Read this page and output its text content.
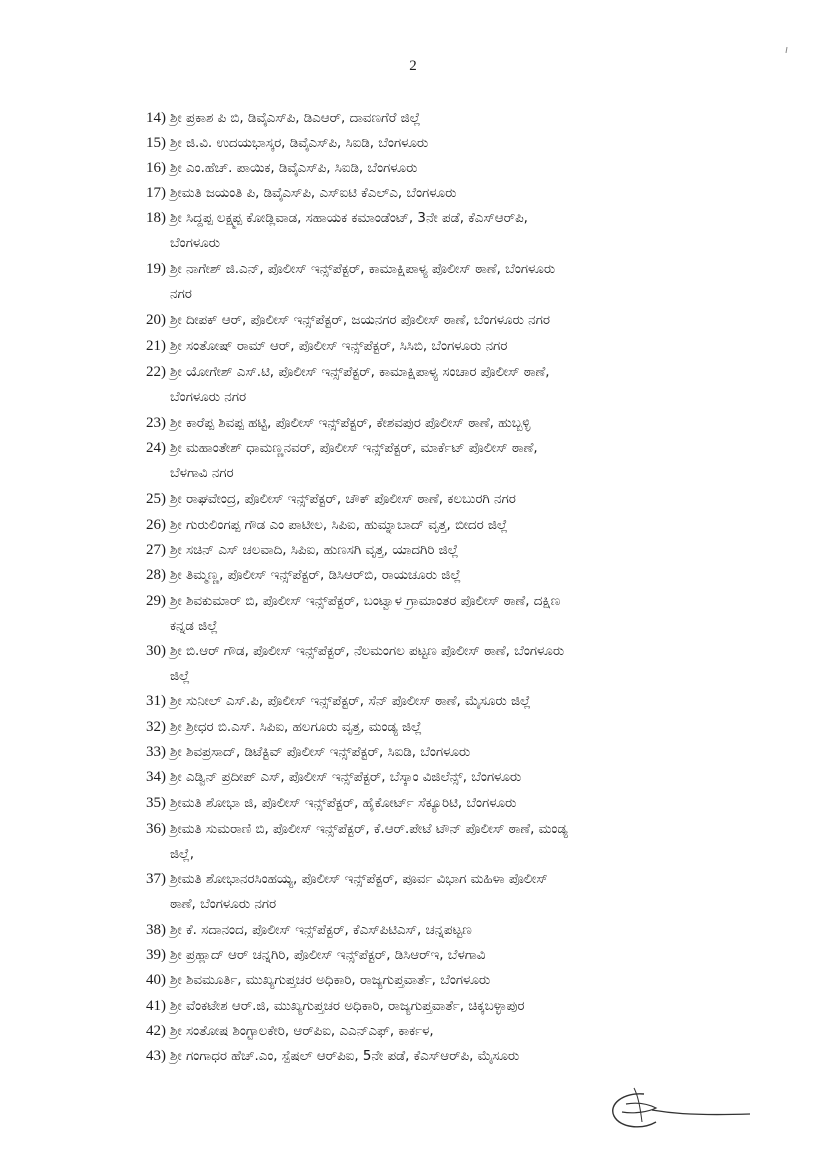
2
14) ಶ್ರೀ ಪ್ರಕಾಶ ಪಿ ಬಿ, ಡಿವೈಎಸ್‌ಪಿ, ಡಿಎಆರ್, ದಾವಣಗೆರೆ ಜಿಲ್ಲೆ
15) ಶ್ರೀ ಜಿ.ವಿ. ಉದಯಭಾಸ್ಕರ, ಡಿವೈಎಸ್‌ಪಿ, ಸಿಐಡಿ, ಬೆಂಗಳೂರು
16) ಶ್ರೀ ಎಂ.ಹೆಚ್. ಪಾಯಿಕ, ಡಿವೈಎಸ್‌ಪಿ, ಸಿಐಡಿ, ಬೆಂಗಳೂರು
17) ಶ್ರೀಮತಿ ಜಯಂತಿ ಪಿ, ಡಿವೈಎಸ್‌ಪಿ, ಎಸ್‌ಐಟಿ ಕೆಎಲ್‌ಎ, ಬೆಂಗಳೂರು
18) ಶ್ರೀ ಸಿದ್ದಪ್ಪ ಲಕ್ಷ್ಮಪ್ಪ ಕೋಡ್ಲಿವಾಡ, ಸಹಾಯಕ ಕಮಾಂಡೆಂಟ್, 3ನೇ ಪಡೆ, ಕೆಎಸ್‌ಆರ್‌ಪಿ,
ಬೆಂಗಳೂರು
19) ಶ್ರೀ ನಾಗೇಶ್ ಜಿ.ಎನ್, ಪೊಲೀಸ್ ಇನ್ಸ್‌ಪೆಕ್ಟರ್, ಕಾಮಾಕ್ಷಿಪಾಳ್ಯ ಪೊಲೀಸ್ ಠಾಣೆ, ಬೆಂಗಳೂರು
ನಗರ
20) ಶ್ರೀ ದೀಪಕ್ ಆರ್, ಪೊಲೀಸ್ ಇನ್ಸ್‌ಪೆಕ್ಟರ್, ಜಯನಗರ ಪೊಲೀಸ್ ಠಾಣೆ, ಬೆಂಗಳೂರು ನಗರ
21) ಶ್ರೀ ಸಂತೋಷ್ ರಾಮ್ ಆರ್, ಪೊಲೀಸ್ ಇನ್ಸ್‌ಪೆಕ್ಟರ್, ಸಿಸಿಬಿ, ಬೆಂಗಳೂರು ನಗರ
22) ಶ್ರೀ ಯೋಗೇಶ್ ಎಸ್.ಟಿ, ಪೊಲೀಸ್ ಇನ್ಸ್‌ಪೆಕ್ಟರ್, ಕಾಮಾಕ್ಷಿಪಾಳ್ಯ ಸಂಚಾರ ಪೊಲೀಸ್ ಠಾಣೆ,
ಬೆಂಗಳೂರು ನಗರ
23) ಶ್ರೀ ಕಾರೆಪ್ಪ ಶಿವಪ್ಪ ಹಟ್ಟಿ, ಪೊಲೀಸ್ ಇನ್ಸ್‌ಪೆಕ್ಟರ್, ಕೇಶವಪುರ ಪೊಲೀಸ್ ಠಾಣೆ, ಹುಬ್ಬಳ್ಳಿ
24) ಶ್ರೀ ಮಹಾಂತೇಶ್ ಧಾಮಣ್ಣನವರ್, ಪೊಲೀಸ್ ಇನ್ಸ್‌ಪೆಕ್ಟರ್, ಮಾರ್ಕೆಟ್ ಪೊಲೀಸ್ ಠಾಣೆ,
ಬೆಳಗಾವಿ ನಗರ
25) ಶ್ರೀ ರಾಘವೇಂದ್ರ, ಪೊಲೀಸ್ ಇನ್ಸ್‌ಪೆಕ್ಟರ್, ಚೌಕ್ ಪೊಲೀಸ್ ಠಾಣೆ, ಕಲಬುರಗಿ ನಗರ
26) ಶ್ರೀ ಗುರುಲಿಂಗಪ್ಪ ಗೌಡ ಎಂ ಪಾಟೀಲ, ಸಿಪಿಐ, ಹುಮ್ನಾಬಾದ್ ವೃತ್ತ, ಬೀದರ ಜಿಲ್ಲೆ
27) ಶ್ರೀ ಸಚಿನ್ ಎಸ್ ಚಲವಾದಿ, ಸಿಪಿಐ, ಹುಣಸಗಿ ವೃತ್ತ, ಯಾದಗಿರಿ ಜಿಲ್ಲೆ
28) ಶ್ರೀ ತಿಮ್ಮಣ್ಣ, ಪೊಲೀಸ್ ಇನ್ಸ್‌ಪೆಕ್ಟರ್, ಡಿಸಿಆರ್‌ಬಿ, ರಾಯಚೂರು ಜಿಲ್ಲೆ
29) ಶ್ರೀ ಶಿವಕುಮಾರ್ ಬಿ, ಪೊಲೀಸ್ ಇನ್ಸ್‌ಪೆಕ್ಟರ್, ಬಂಟ್ವಾಳ ಗ್ರಾಮಾಂತರ ಪೊಲೀಸ್ ಠಾಣೆ, ದಕ್ಷಿಣ
ಕನ್ನಡ ಜಿಲ್ಲೆ
30) ಶ್ರೀ ಬಿ.ಆರ್ ಗೌಡ, ಪೊಲೀಸ್ ಇನ್ಸ್‌ಪೆಕ್ಟರ್, ನೆಲಮಂಗಲ ಪಟ್ಟಣ ಪೊಲೀಸ್ ಠಾಣೆ, ಬೆಂಗಳೂರು
ಜಿಲ್ಲೆ
31) ಶ್ರೀ ಸುನೀಲ್ ಎಸ್.ಪಿ, ಪೊಲೀಸ್ ಇನ್ಸ್‌ಪೆಕ್ಟರ್, ಸೆನ್ ಪೊಲೀಸ್ ಠಾಣೆ, ಮೈಸೂರು ಜಿಲ್ಲೆ
32) ಶ್ರೀ ಶ್ರೀಧರ ಬಿ.ಎಸ್. ಸಿಪಿಐ, ಹಲಗೂರು ವೃತ್ತ, ಮಂಡ್ಯ ಜಿಲ್ಲೆ
33) ಶ್ರೀ ಶಿವಪ್ರಸಾದ್, ಡಿಟೆಕ್ಟಿವ್ ಪೊಲೀಸ್ ಇನ್ಸ್‌ಪೆಕ್ಟರ್, ಸಿಐಡಿ, ಬೆಂಗಳೂರು
34) ಶ್ರೀ ಎಡ್ವಿನ್ ಪ್ರದೀಪ್ ಎಸ್, ಪೊಲೀಸ್ ಇನ್ಸ್‌ಪೆಕ್ಟರ್, ಬೆಸ್ಕಾಂ ವಿಜಿಲೆನ್ಸ್, ಬೆಂಗಳೂರು
35) ಶ್ರೀಮತಿ ಶೋಭಾ ಜಿ, ಪೊಲೀಸ್ ಇನ್ಸ್‌ಪೆಕ್ಟರ್, ಹೈಕೋರ್ಟ್ ಸೆಕ್ಯೂರಿಟಿ, ಬೆಂಗಳೂರು
36) ಶ್ರೀಮತಿ ಸುಮರಾಣಿ ಬಿ, ಪೊಲೀಸ್ ಇನ್ಸ್‌ಪೆಕ್ಟರ್, ಕೆ.ಆರ್.ಪೇಟೆ ಟೌನ್ ಪೊಲೀಸ್ ಠಾಣೆ, ಮಂಡ್ಯ
ಜಿಲ್ಲೆ,
37) ಶ್ರೀಮತಿ ಶೋಭಾನರಸಿಂಹಯ್ಯ, ಪೊಲೀಸ್ ಇನ್ಸ್‌ಪೆಕ್ಟರ್, ಪೂರ್ವ ವಿಭಾಗ ಮಹಿಳಾ ಪೊಲೀಸ್
ಠಾಣೆ, ಬೆಂಗಳೂರು ನಗರ
38) ಶ್ರೀ ಕೆ. ಸದಾನಂದ, ಪೊಲೀಸ್ ಇನ್ಸ್‌ಪೆಕ್ಟರ್, ಕೆಎಸ್‌ಪಿಟಿಎಸ್, ಚನ್ನಪಟ್ಟಣ
39) ಶ್ರೀ ಪ್ರಹ್ಲಾದ್ ಆರ್ ಚನ್ನಗಿರಿ, ಪೊಲೀಸ್ ಇನ್ಸ್‌ಪೆಕ್ಟರ್, ಡಿಸಿಆರ್‌ಇ, ಬೆಳಗಾವಿ
40) ಶ್ರೀ ಶಿವಮೂರ್ತಿ, ಮುಖ್ಯಗುಪ್ತಚರ ಅಧಿಕಾರಿ, ರಾಜ್ಯಗುಪ್ತವಾರ್ತೆ, ಬೆಂಗಳೂರು
41) ಶ್ರೀ ವೆಂಕಟೇಶ ಆರ್.ಜಿ, ಮುಖ್ಯಗುಪ್ತಚರ ಅಧಿಕಾರಿ, ರಾಜ್ಯಗುಪ್ತವಾರ್ತೆ, ಚಿಕ್ಕಬಳ್ಳಾಪುರ
42) ಶ್ರೀ ಸಂತೋಷ ಶಿಂಗ್ಟಾಲಕೇರಿ, ಆರ್‌ಪಿಐ, ಎಎನ್‌ಎಫ್, ಕಾರ್ಕಳ,
43) ಶ್ರೀ ಗಂಗಾಧರ ಹೆಚ್.ಎಂ, ಸ್ಪೆಷಲ್ ಆರ್‌ಪಿಐ, 5ನೇ ಪಡೆ, ಕೆಎಸ್‌ಆರ್‌ಪಿ, ಮೈಸೂರು
